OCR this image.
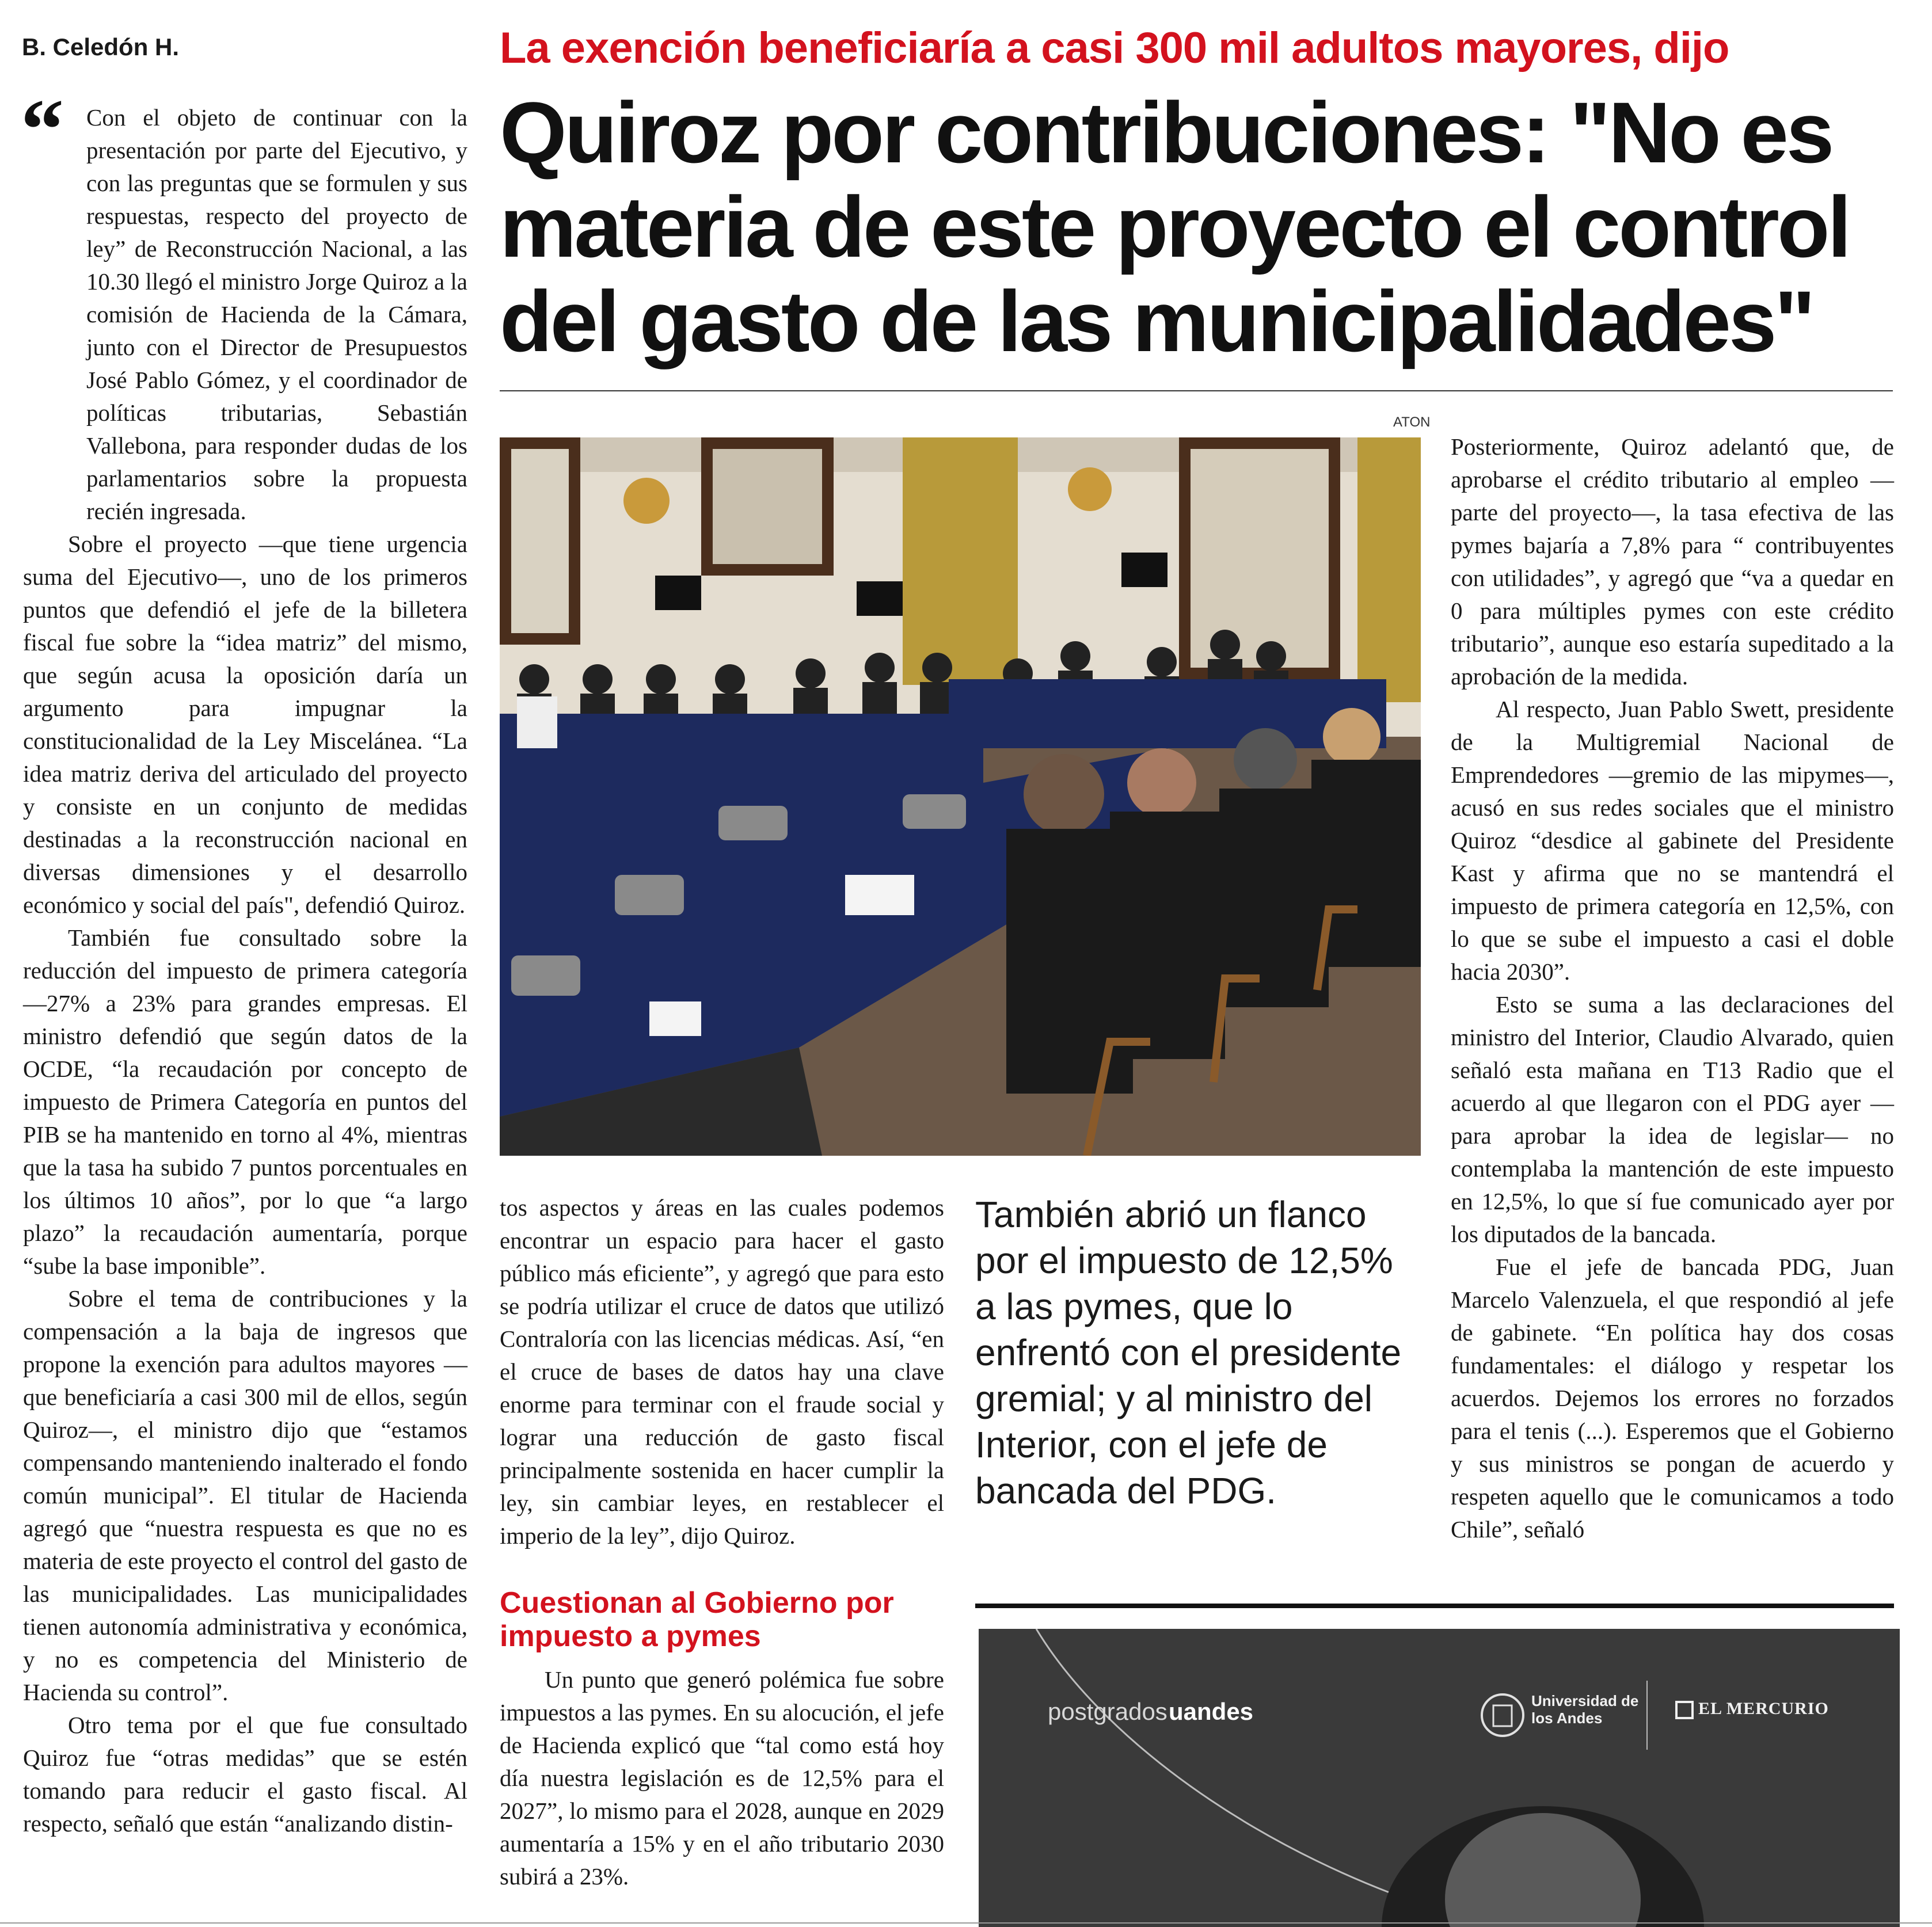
B. Celedón H.	La exención beneficiaría a casi 300 mil adultos mayores, dijo
Quiroz por contribuciones: "No es materia de este proyecto el control del gasto de las municipalidades"
ATON
“ Con el objeto de continuar con la presentación por parte del Ejecutivo, y con las preguntas que se formulen y sus respuestas, respecto del proyecto de ley” de Reconstrucción Nacional, a las 10.30 llegó el ministro Jorge Quiroz a la comisión de Hacienda de la Cámara, junto con el Director de Presupuestos José Pablo Gómez, y el coordinador de políticas tributarias, Sebastián Vallebona, para responder dudas de los parlamentarios sobre la propuesta recién ingresada.

Sobre el proyecto —que tiene urgencia suma del Ejecutivo—, uno de los primeros puntos que defendió el jefe de la billetera fiscal fue sobre la “idea matriz” del mismo, que según acusa la oposición daría un argumento para impugnar la constitucionalidad de la Ley Miscelánea. “La idea matriz deriva del articulado del proyecto y consiste en un conjunto de medidas destinadas a la reconstrucción nacional en diversas dimensiones y el desarrollo económico y social del país", defendió Quiroz.

También fue consultado sobre la reducción del impuesto de primera categoría —27% a 23% para grandes empresas. El ministro defendió que según datos de la OCDE, “la recaudación por concepto de impuesto de Primera Categoría en puntos del PIB se ha mantenido en torno al 4%, mientras que la tasa ha subido 7 puntos porcentuales en los últimos 10 años”, por lo que “a largo plazo” la recaudación aumentaría, porque “sube la base imponible”.

Sobre el tema de contribuciones y la compensación a la baja de ingresos que propone la exención para adultos mayores —que beneficiaría a casi 300 mil de ellos, según Quiroz—, el ministro dijo que “estamos compensando manteniendo inalterado el fondo común municipal”. El titular de Hacienda agregó que “nuestra respuesta es que no es materia de este proyecto el control del gasto de las municipalidades. Las municipalidades tienen autonomía administrativa y económica, y no es competencia del Ministerio de Hacienda su control”.

Otro tema por el que fue consultado Quiroz fue “otras medidas” que se estén tomando para reducir el gasto fiscal. Al respecto, señaló que están “analizando distin-

tos aspectos y áreas en las cuales podemos encontrar un espacio para hacer el gasto público más eficiente”, y agregó que para esto se podría utilizar el cruce de datos que utilizó Contraloría con las licencias médicas. Así, “en el cruce de bases de datos hay una clave enorme para terminar con el fraude social y lograr una reducción de gasto fiscal principalmente sostenida en hacer cumplir la ley, sin cambiar leyes, en restablecer el imperio de la ley”, dijo Quiroz.

Cuestionan al Gobierno por impuesto a pymes

Un punto que generó polémica fue sobre impuestos a las pymes. En su alocución, el jefe de Hacienda explicó que “tal como está hoy día nuestra legislación es de 12,5% para el 2027”, lo mismo para el 2028, aunque en 2029 aumentaría a 15% y en el año tributario 2030 subirá a 23%.

También abrió un flanco por el impuesto de 12,5% a las pymes, que lo enfrentó con el presidente gremial; y al ministro del Interior, con el jefe de bancada del PDG.

Posteriormente, Quiroz adelantó que, de aprobarse el crédito tributario al empleo —parte del proyecto—, la tasa efectiva de las pymes bajaría a 7,8% para “ contribuyentes con utilidades”, y agregó que “va a quedar en 0 para múltiples pymes con este crédito tributario”, aunque eso estaría supeditado a la aprobación de la medida.

Al respecto, Juan Pablo Swett, presidente de la Multigremial Nacional de Emprendedores —gremio de las mipymes—, acusó en sus redes sociales que el ministro Quiroz “desdice al gabinete del Presidente Kast y afirma que no se mantendrá el impuesto de primera categoría en 12,5%, con lo que se sube el impuesto a casi el doble hacia 2030”.

Esto se suma a las declaraciones del ministro del Interior, Claudio Alvarado, quien señaló esta mañana en T13 Radio que el acuerdo al que llegaron con el PDG ayer —para aprobar la idea de legislar— no contemplaba la mantención de este impuesto en 12,5%, lo que sí fue comunicado ayer por los diputados de la bancada.

Fue el jefe de bancada PDG, Juan Marcelo Valenzuela, el que respondió al jefe de gabinete. “En política hay dos cosas fundamentales: el diálogo y respetar los acuerdos. Dejemos los errores no forzados para el tenis (...). Esperemos que el Gobierno y sus ministros se pongan de acuerdo y respeten aquello que le comunicamos a todo Chile”, señaló

postgrados uandes	Universidad de los Andes	EL MERCURIO
